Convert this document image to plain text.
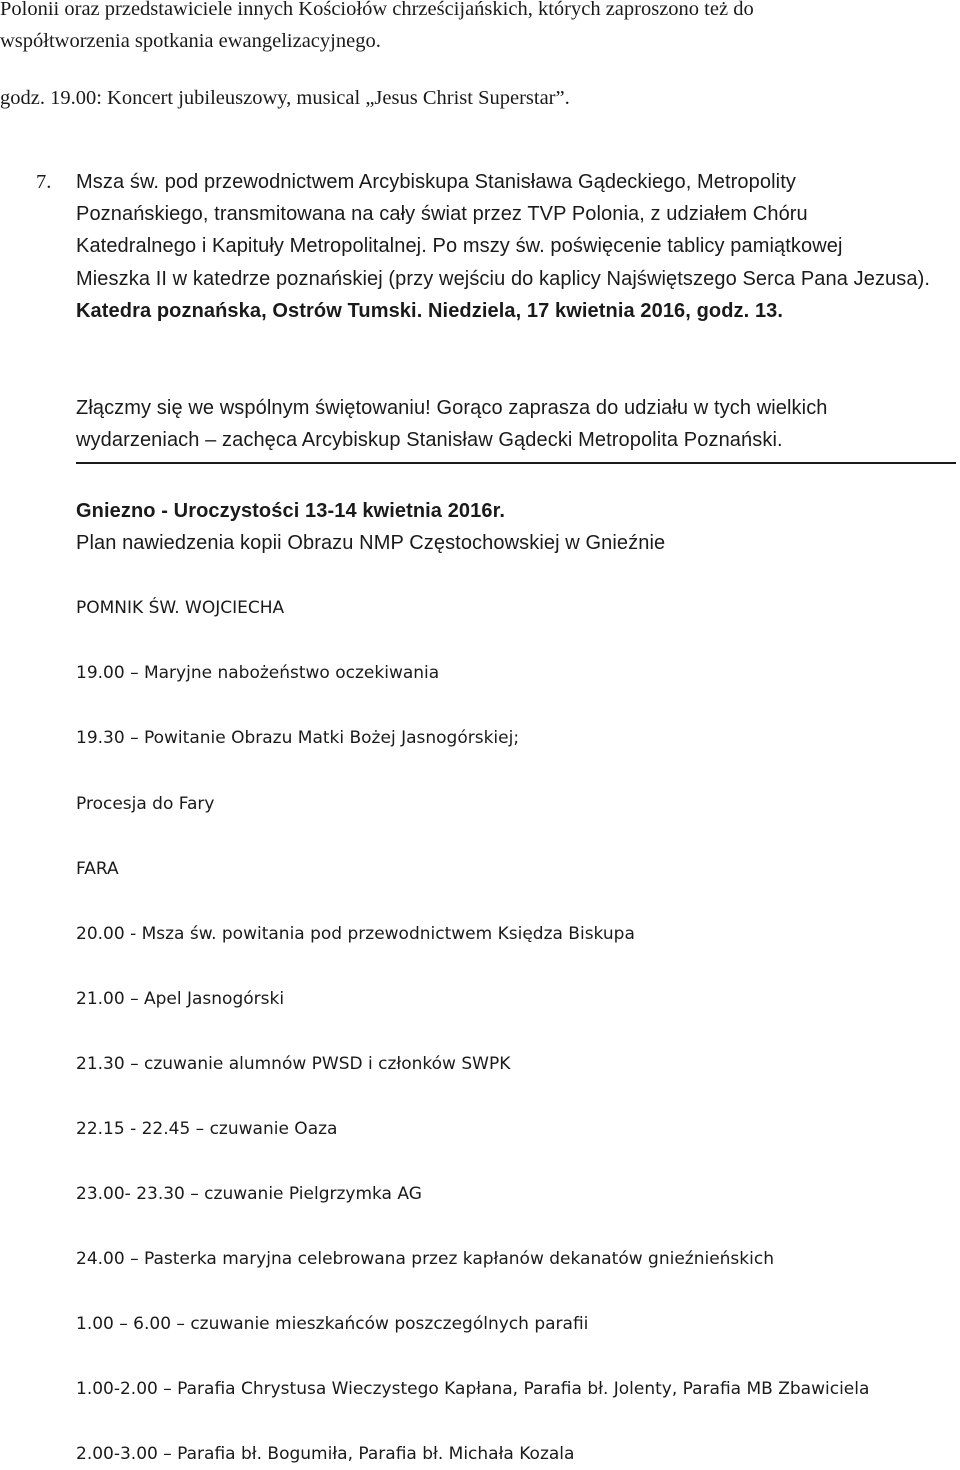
Polonii oraz przedstawiciele innych Kościołów chrześcijańskich, których zaproszono też do
współtworzenia spotkania ewangelizacyjnego.
godz. 19.00: Koncert jubileuszowy, musical „Jesus Christ Superstar”.
7. Msza św. pod przewodnictwem Arcybiskupa Stanisława Gądeckiego, Metropolity
Poznańskiego, transmitowana na cały świat przez TVP Polonia, z udziałem Chóru
Katedralnego i Kapituły Metropolitalnej. Po mszy św. poświęcenie tablicy pamiątkowej
Mieszka II w katedrze poznańskiej (przy wejściu do kaplicy Najświętszego Serca Pana Jezusa).
Katedra poznańska, Ostrów Tumski. Niedziela, 17 kwietnia 2016, godz. 13.
Złączmy się we wspólnym świętowaniu! Gorąco zaprasza do udziału w tych wielkich
wydarzeniach – zachęca Arcybiskup Stanisław Gądecki Metropolita Poznański.
Gniezno - Uroczystości 13-14 kwietnia 2016r.
Plan nawiedzenia kopii Obrazu NMP Częstochowskiej w Gnieźnie
POMNIK ŚW. WOJCIECHA
19.00 – Maryjne nabożeństwo oczekiwania
19.30 – Powitanie Obrazu Matki Bożej Jasnogórskiej;
Procesja do Fary
FARA
20.00 - Msza św. powitania pod przewodnictwem Księdza Biskupa
21.00 – Apel Jasnogórski
21.30 – czuwanie alumnów PWSD i członków SWPK
22.15 - 22.45 – czuwanie Oaza
23.00- 23.30 – czuwanie Pielgrzymka AG
24.00 – Pasterka maryjna celebrowana przez kapłanów dekanatów gnieźnieńskich
1.00 – 6.00 – czuwanie mieszkańców poszczególnych parafii
1.00-2.00 – Parafia Chrystusa Wieczystego Kapłana, Parafia bł. Jolenty, Parafia MB Zbawiciela
2.00-3.00 – Parafia bł. Bogumiła, Parafia bł. Michała Kozala
